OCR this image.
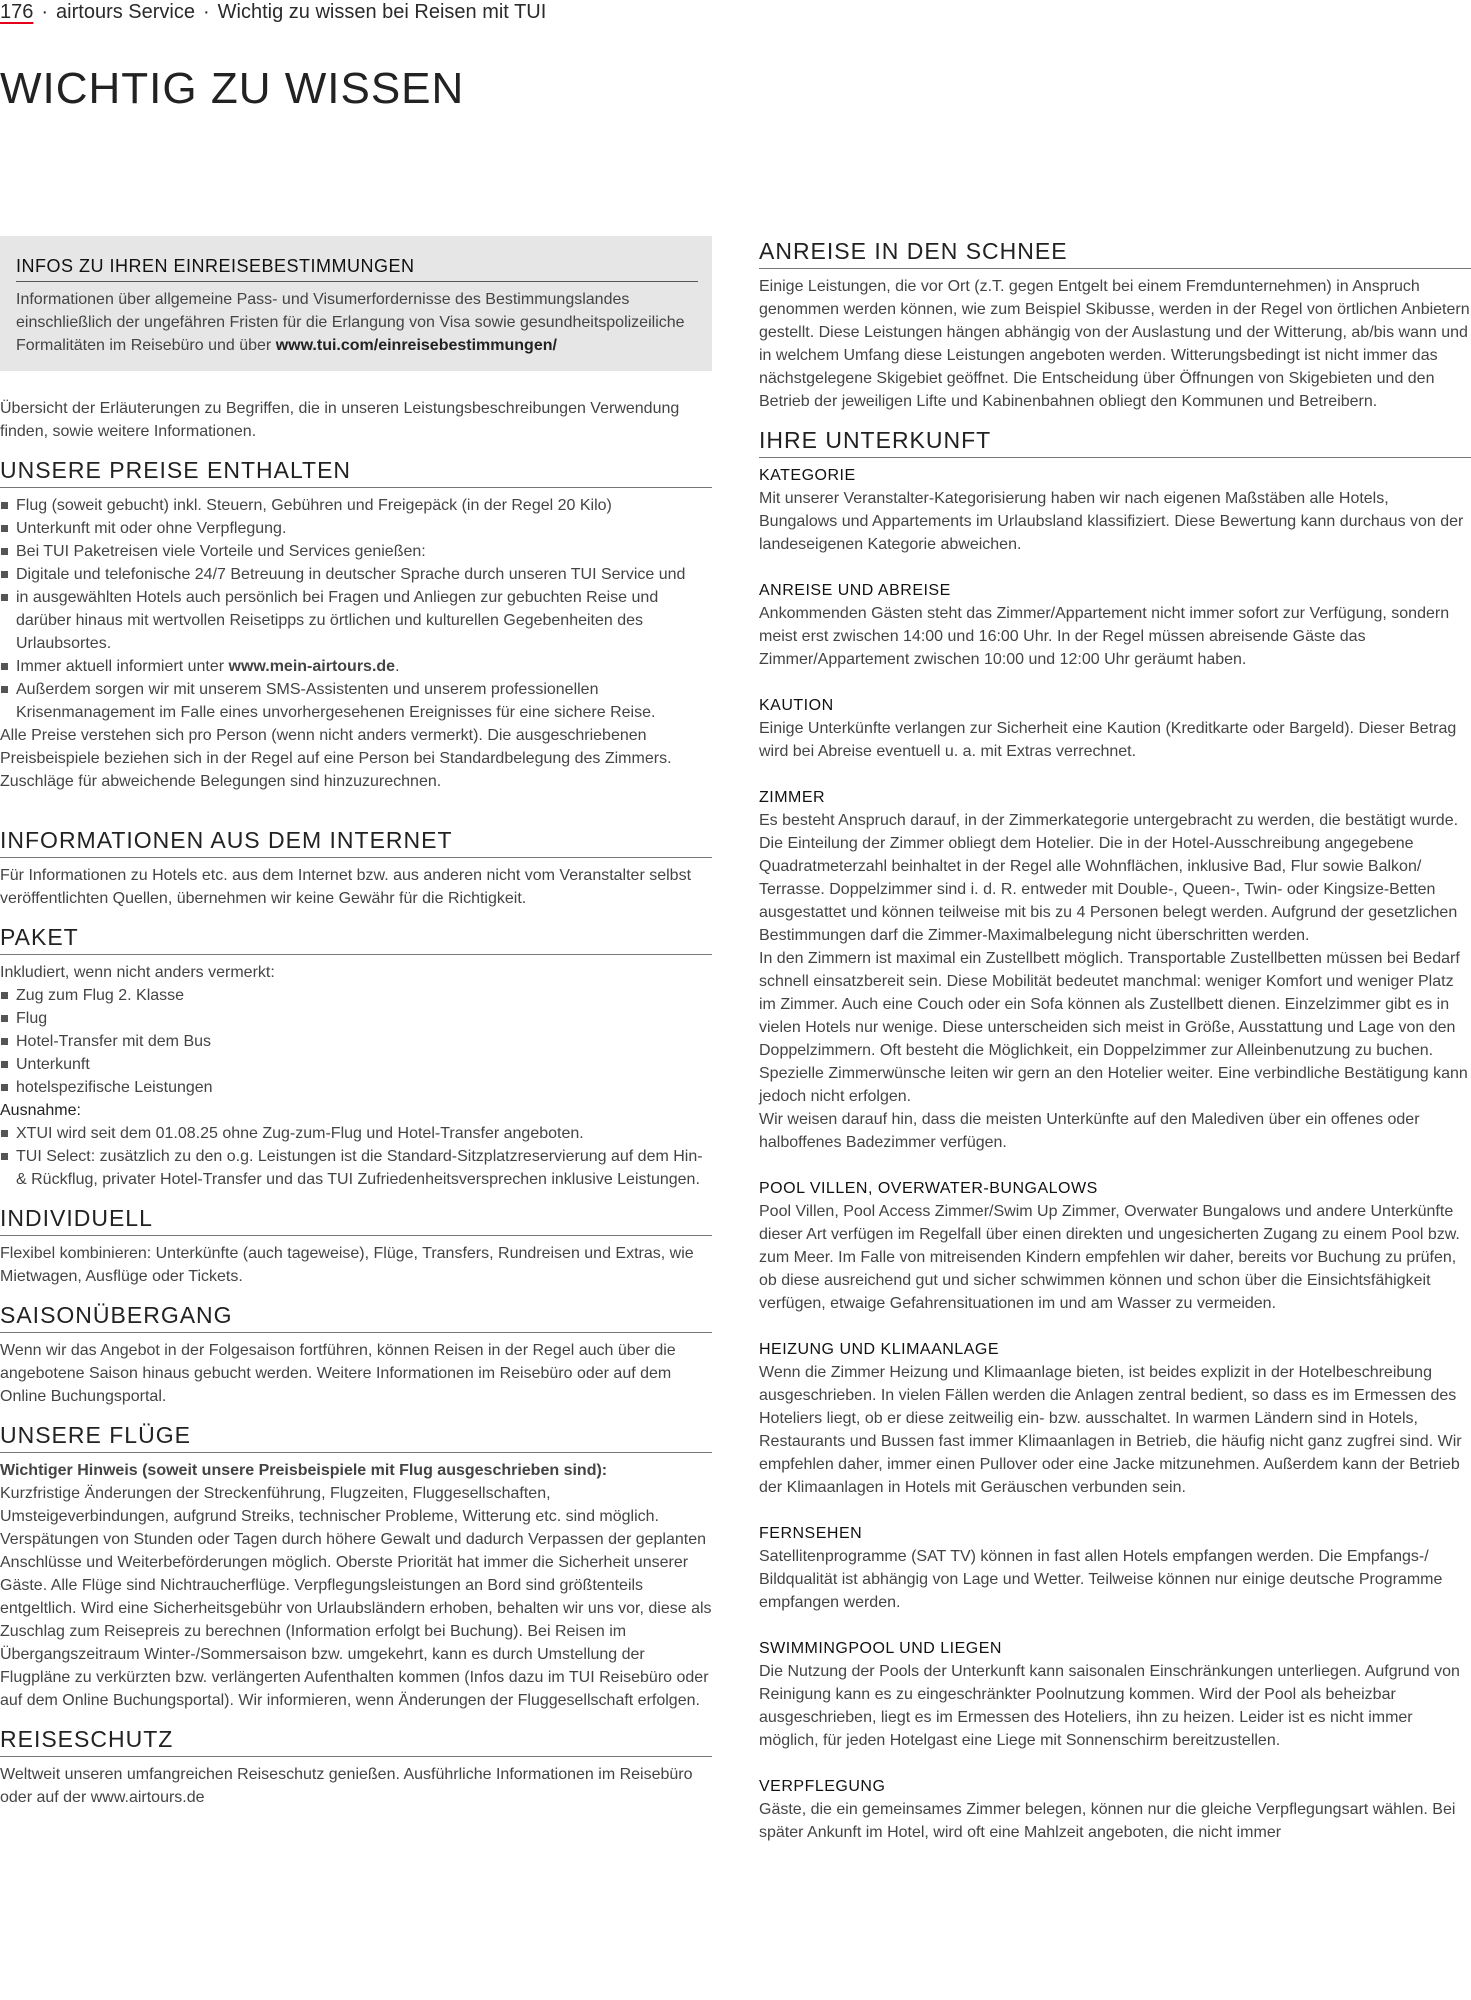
176 · airtours Service · Wichtig zu wissen bei Reisen mit TUI
WICHTIG ZU WISSEN
INFOS ZU IHREN EINREISEBESTIMMUNGEN

Informationen über allgemeine Pass- und Visumerfordernisse des Bestimmungslandes einschließlich der ungefähren Fristen für die Erlangung von Visa sowie gesundheitspolizeiliche Formalitäten im Reisebüro und über www.tui.com/einreisebestimmungen/

Übersicht der Erläuterungen zu Begriffen, die in unseren Leistungsbeschreibungen Verwendung finden, sowie weitere Informationen.

UNSERE PREISE ENTHALTEN
Flug (soweit gebucht) inkl. Steuern, Gebühren und Freigepäck (in der Regel 20 Kilo)
Unterkunft mit oder ohne Verpflegung.
Bei TUI Paketreisen viele Vorteile und Services genießen:
Digitale und telefonische 24/7 Betreuung in deutscher Sprache durch unseren TUI Service und
in ausgewählten Hotels auch persönlich bei Fragen und Anliegen zur gebuchten Reise und darüber hinaus mit wertvollen Reisetipps zu örtlichen und kulturellen Gegebenheiten des Urlaubsortes.
Immer aktuell informiert unter www.mein-airtours.de.
Außerdem sorgen wir mit unserem SMS-Assistenten und unserem professionellen Krisenmanagement im Falle eines unvorhergesehenen Ereignisses für eine sichere Reise.

Alle Preise verstehen sich pro Person (wenn nicht anders vermerkt). Die ausgeschriebenen Preisbeispiele beziehen sich in der Regel auf eine Person bei Standardbelegung des Zimmers. Zuschläge für abweichende Belegungen sind hinzuzurechnen.

INFORMATIONEN AUS DEM INTERNET

Für Informationen zu Hotels etc. aus dem Internet bzw. aus anderen nicht vom Veranstalter selbst veröffentlichten Quellen, übernehmen wir keine Gewähr für die Richtigkeit.

PAKET

Inkludiert, wenn nicht anders vermerkt:

Zug zum Flug 2. Klasse
Flug
Hotel-Transfer mit dem Bus
Unterkunft
hotelspezifische Leistungen
Ausnahme:
XTUI wird seit dem 01.08.25 ohne Zug-zum-Flug und Hotel-Transfer angeboten.
TUI Select: zusätzlich zu den o.g. Leistungen ist die Standard-Sitzplatzreservierung auf dem Hin- & Rückflug, privater Hotel-Transfer und das TUI Zufriedenheitsversprechen inklusive Leistungen.
INDIVIDUELL

Flexibel kombinieren: Unterkünfte (auch tageweise), Flüge, Transfers, Rundreisen und Extras, wie Mietwagen, Ausflüge oder Tickets.

SAISONÜBERGANG

Wenn wir das Angebot in der Folgesaison fortführen, können Reisen in der Regel auch über die angebotene Saison hinaus gebucht werden. Weitere Informationen im Reisebüro oder auf dem Online Buchungsportal.

UNSERE FLÜGE

Wichtiger Hinweis (soweit unsere Preisbeispiele mit Flug ausgeschrieben sind):

Kurzfristige Änderungen der Streckenführung, Flugzeiten, Fluggesellschaften, Umsteigeverbindungen, aufgrund Streiks, technischer Probleme, Witterung etc. sind möglich. Verspätungen von Stunden oder Tagen durch höhere Gewalt und dadurch Verpassen der geplanten Anschlüsse und Weiterbeförderungen möglich. Oberste Priorität hat immer die Sicherheit unserer Gäste. Alle Flüge sind Nichtraucherflüge. Verpflegungsleistungen an Bord sind größtenteils entgeltlich. Wird eine Sicherheitsgebühr von Urlaubsländern erhoben, behalten wir uns vor, diese als Zuschlag zum Reisepreis zu berechnen (Information erfolgt bei Buchung). Bei Reisen im Übergangszeitraum Winter-/Sommersaison bzw. umgekehrt, kann es durch Umstellung der Flugpläne zu verkürzten bzw. verlängerten Aufenthalten kommen (Infos dazu im TUI Reisebüro oder auf dem Online Buchungsportal). Wir informieren, wenn Änderungen der Fluggesellschaft erfolgen.

REISESCHUTZ

Weltweit unseren umfangreichen Reiseschutz genießen. Ausführliche Informationen im Reisebüro oder auf der www.airtours.de

ANREISE IN DEN SCHNEE

Einige Leistungen, die vor Ort (z.T. gegen Entgelt bei einem Fremdunternehmen) in Anspruch genommen werden können, wie zum Beispiel Skibusse, werden in der Regel von örtlichen Anbietern gestellt. Diese Leistungen hängen abhängig von der Auslastung und der Witterung, ab/bis wann und in welchem Umfang diese Leistungen angeboten werden. Witterungsbedingt ist nicht immer das nächstgelegene Skigebiet geöffnet. Die Entscheidung über Öffnungen von Skigebieten und den Betrieb der jeweiligen Lifte und Kabinenbahnen obliegt den Kommunen und Betreibern.

IHRE UNTERKUNFT
KATEGORIE

Mit unserer Veranstalter-Kategorisierung haben wir nach eigenen Maßstäben alle Hotels, Bungalows und Appartements im Urlaubsland klassifiziert. Diese Bewertung kann durchaus von der landeseigenen Kategorie abweichen.

ANREISE UND ABREISE

Ankommenden Gästen steht das Zimmer/Appartement nicht immer sofort zur Verfügung, sondern meist erst zwischen 14:00 und 16:00 Uhr. In der Regel müssen abreisende Gäste das Zimmer/Appartement zwischen 10:00 und 12:00 Uhr geräumt haben.

KAUTION

Einige Unterkünfte verlangen zur Sicherheit eine Kaution (Kreditkarte oder Bargeld). Dieser Betrag wird bei Abreise eventuell u. a. mit Extras verrechnet.

ZIMMER

Es besteht Anspruch darauf, in der Zimmerkategorie untergebracht zu werden, die bestätigt wurde. Die Einteilung der Zimmer obliegt dem Hotelier. Die in der Hotel-Ausschreibung angegebene Quadratmeterzahl beinhaltet in der Regel alle Wohnflächen, inklusive Bad, Flur sowie Balkon/ Terrasse. Doppelzimmer sind i. d. R. entweder mit Double-, Queen-, Twin- oder Kingsize-Betten ausgestattet und können teilweise mit bis zu 4 Personen belegt werden. Aufgrund der gesetzlichen Bestimmungen darf die Zimmer-Maximalbelegung nicht überschritten werden.

In den Zimmern ist maximal ein Zustellbett möglich. Transportable Zustellbetten müssen bei Bedarf schnell einsatzbereit sein. Diese Mobilität bedeutet manchmal: weniger Komfort und weniger Platz im Zimmer. Auch eine Couch oder ein Sofa können als Zustellbett dienen. Einzelzimmer gibt es in vielen Hotels nur wenige. Diese unterscheiden sich meist in Größe, Ausstattung und Lage von den Doppelzimmern. Oft besteht die Möglichkeit, ein Doppelzimmer zur Alleinbenutzung zu buchen.

Spezielle Zimmerwünsche leiten wir gern an den Hotelier weiter. Eine verbindliche Bestätigung kann jedoch nicht erfolgen.

Wir weisen darauf hin, dass die meisten Unterkünfte auf den Malediven über ein offenes oder halboffenes Badezimmer verfügen.

POOL VILLEN, OVERWATER-BUNGALOWS

Pool Villen, Pool Access Zimmer/Swim Up Zimmer, Overwater Bungalows und andere Unterkünfte dieser Art verfügen im Regelfall über einen direkten und ungesicherten Zugang zu einem Pool bzw. zum Meer. Im Falle von mitreisenden Kindern empfehlen wir daher, bereits vor Buchung zu prüfen, ob diese ausreichend gut und sicher schwimmen können und schon über die Einsichtsfähigkeit verfügen, etwaige Gefahrensituationen im und am Wasser zu vermeiden.

HEIZUNG UND KLIMAANLAGE

Wenn die Zimmer Heizung und Klimaanlage bieten, ist beides explizit in der Hotelbeschreibung ausgeschrieben. In vielen Fällen werden die Anlagen zentral bedient, so dass es im Ermessen des Hoteliers liegt, ob er diese zeitweilig ein- bzw. ausschaltet. In warmen Ländern sind in Hotels, Restaurants und Bussen fast immer Klimaanlagen in Betrieb, die häufig nicht ganz zugfrei sind. Wir empfehlen daher, immer einen Pullover oder eine Jacke mitzunehmen. Außerdem kann der Betrieb der Klimaanlagen in Hotels mit Geräuschen verbunden sein.

FERNSEHEN

Satellitenprogramme (SAT TV) können in fast allen Hotels empfangen werden. Die Empfangs-/ Bildqualität ist abhängig von Lage und Wetter. Teilweise können nur einige deutsche Programme empfangen werden.

SWIMMINGPOOL UND LIEGEN

Die Nutzung der Pools der Unterkunft kann saisonalen Einschränkungen unterliegen. Aufgrund von Reinigung kann es zu eingeschränkter Poolnutzung kommen. Wird der Pool als beheizbar ausgeschrieben, liegt es im Ermessen des Hoteliers, ihn zu heizen. Leider ist es nicht immer möglich, für jeden Hotelgast eine Liege mit Sonnenschirm bereitzustellen.

VERPFLEGUNG

Gäste, die ein gemeinsames Zimmer belegen, können nur die gleiche Verpflegungsart wählen. Bei später Ankunft im Hotel, wird oft eine Mahlzeit angeboten, die nicht immer
